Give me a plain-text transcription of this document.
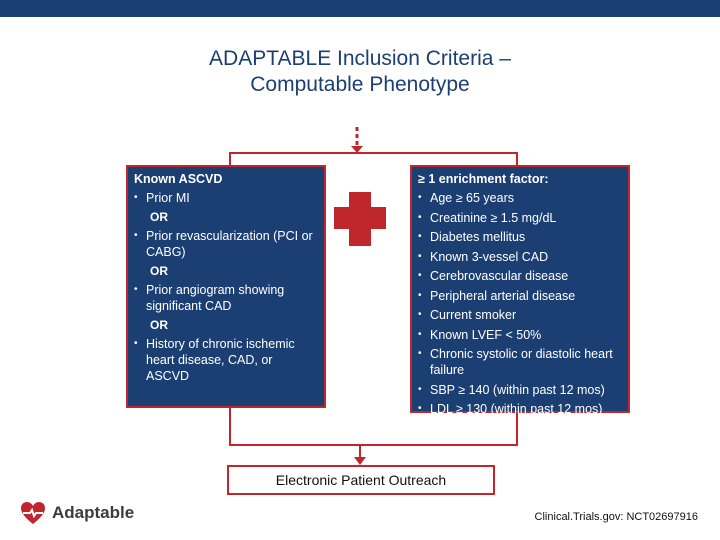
ADAPTABLE Inclusion Criteria –
Computable Phenotype
Known ASCVD
• Prior MI
OR
• Prior revascularization (PCI or CABG)
OR
• Prior angiogram showing significant CAD
OR
• History of chronic ischemic heart disease, CAD, or ASCVD
≥ 1 enrichment factor:
• Age ≥ 65 years
• Creatinine ≥ 1.5 mg/dL
• Diabetes mellitus
• Known 3-vessel CAD
• Cerebrovascular disease
• Peripheral arterial disease
• Current smoker
• Known LVEF < 50%
• Chronic systolic or diastolic heart failure
• SBP ≥ 140 (within past 12 mos)
• LDL ≥ 130 (within past 12 mos)
Electronic Patient Outreach
Adaptable	Clinical.Trials.gov: NCT02697916
